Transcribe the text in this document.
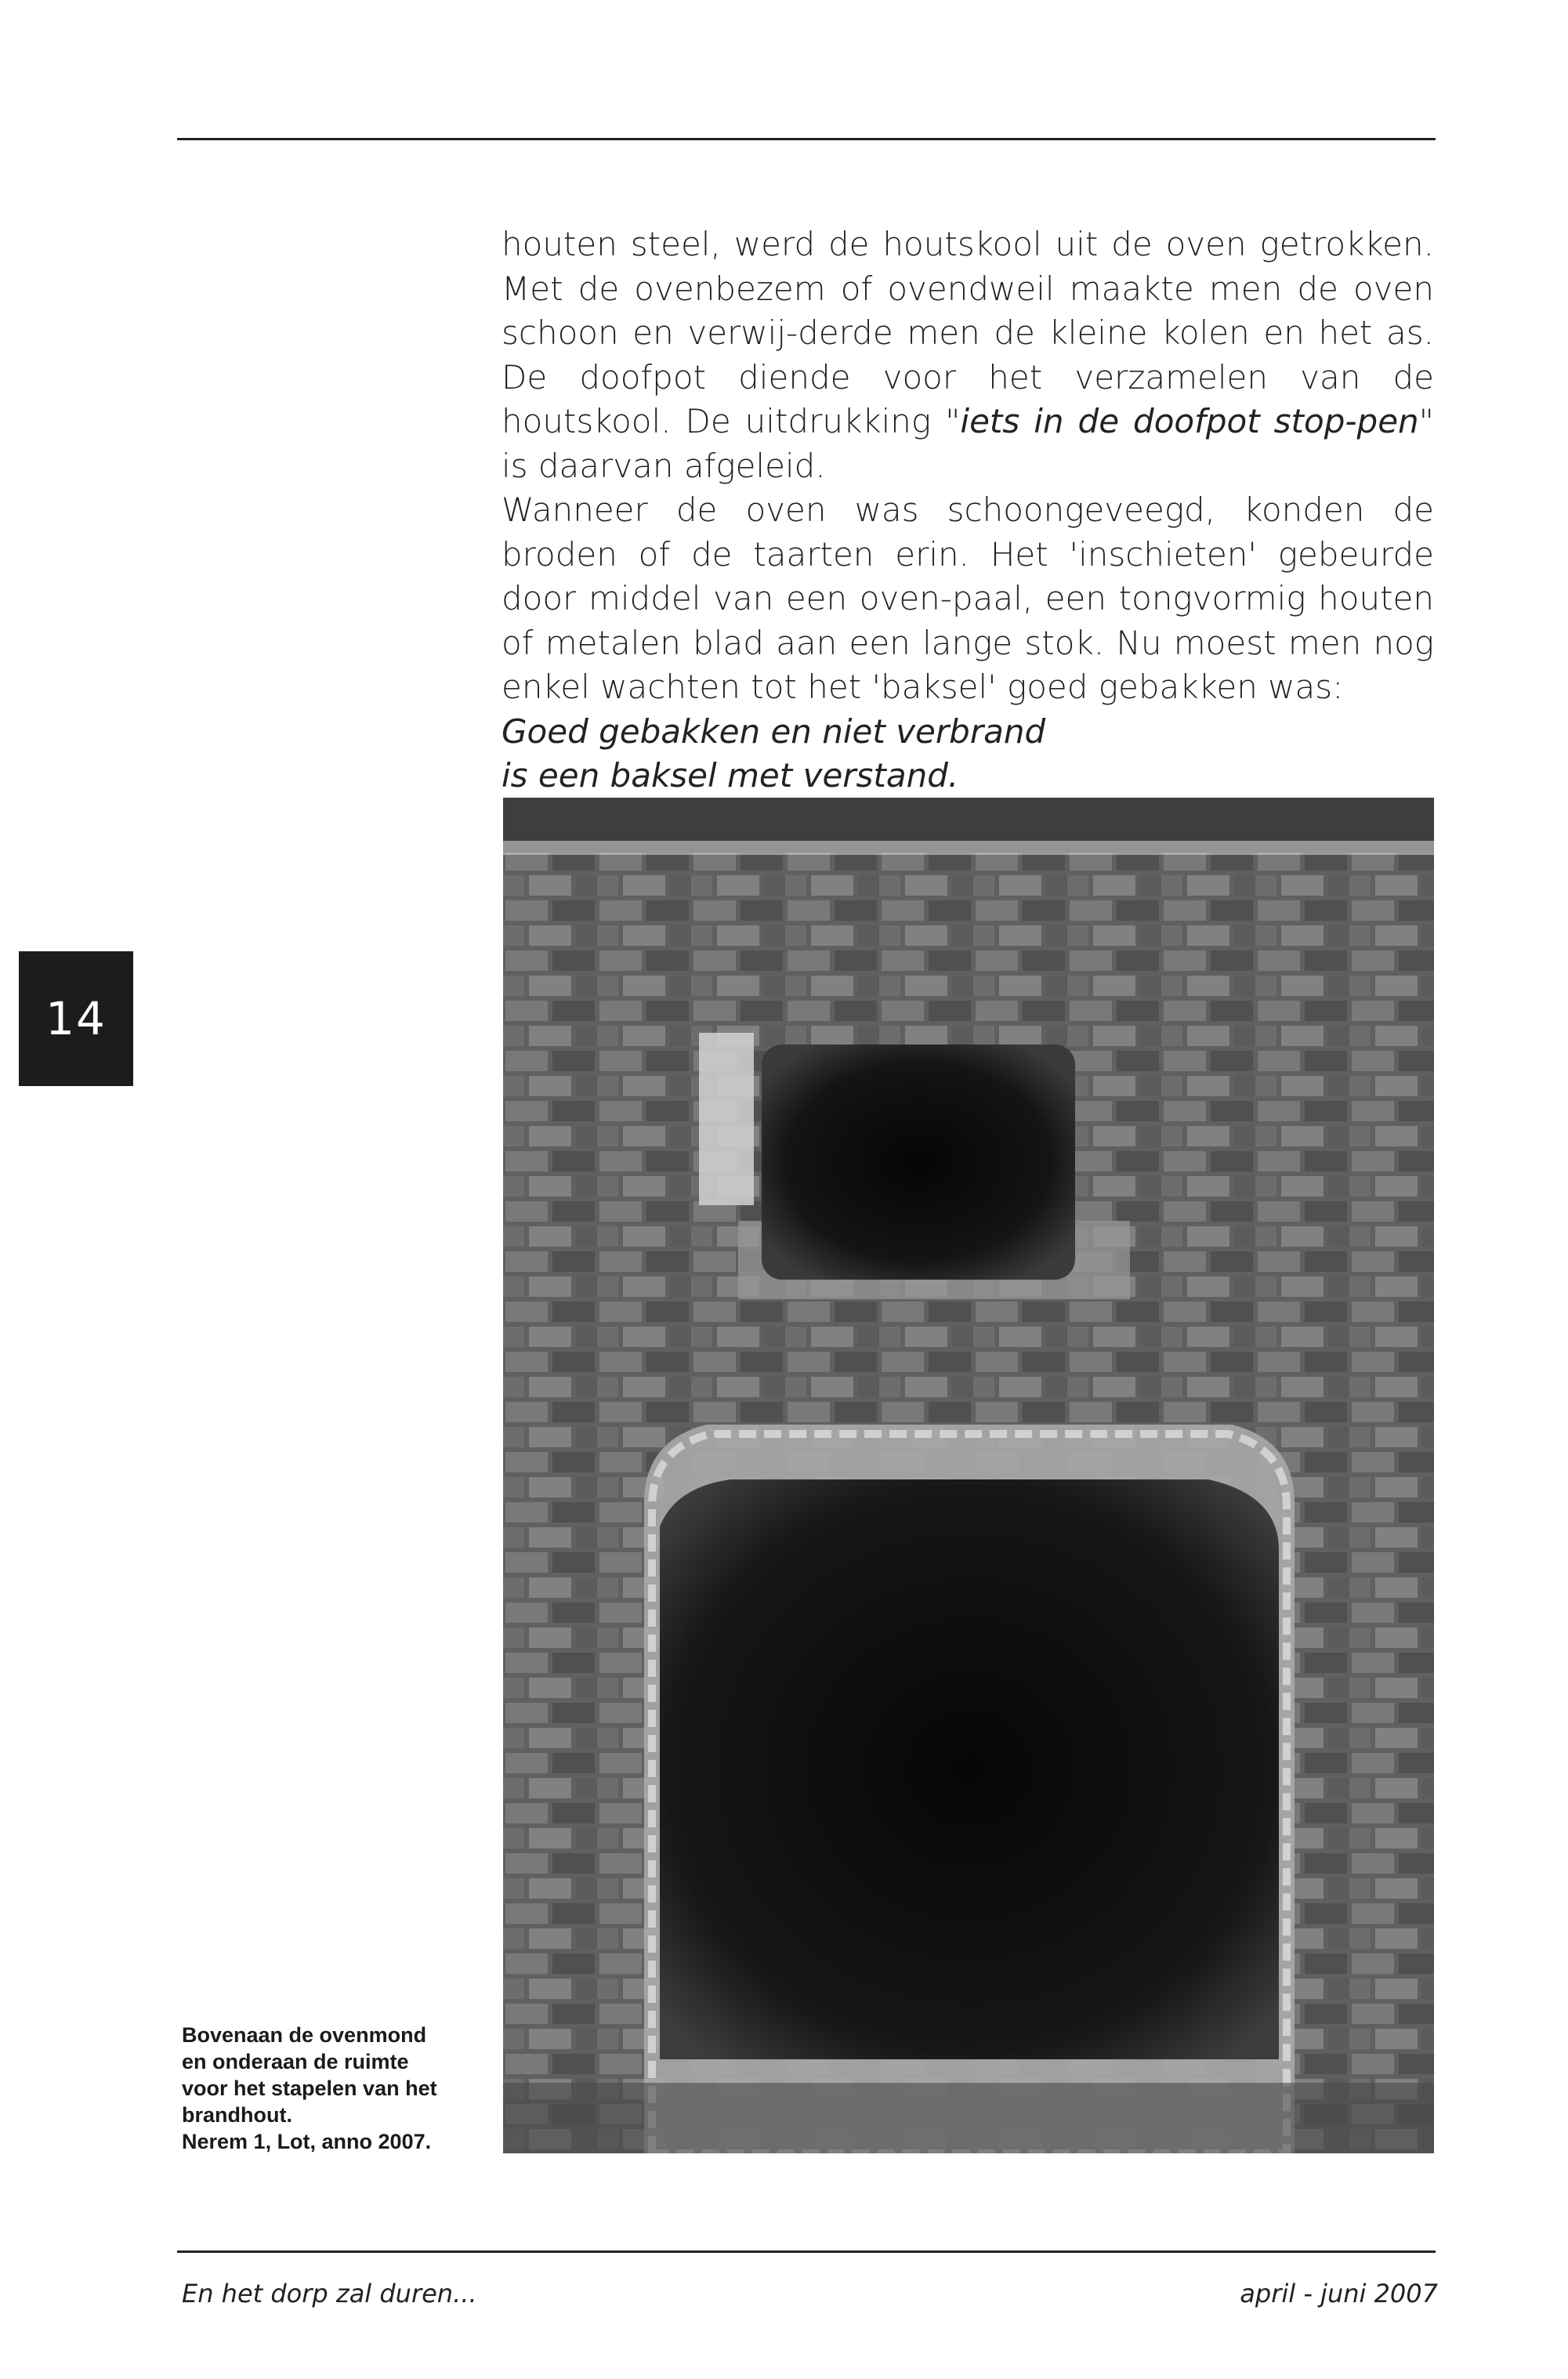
14

houten steel, werd de houtskool uit de oven getrokken. Met de ovenbezem of ovendweil maakte men de oven schoon en verwij-derde men de kleine kolen en het as. De doofpot diende voor het verzamelen van de houtskool. De uitdrukking "iets in de doofpot stop-pen" is daarvan afgeleid.

Wanneer de oven was schoongeveegd, konden de broden of de taarten erin. Het 'inschieten' gebeurde door middel van een oven-paal, een tongvormig houten of metalen blad aan een lange stok. Nu moest men nog enkel wachten tot het 'baksel' goed gebakken was:

Goed gebakken en niet verbrand
is een baksel met verstand.
Bovenaan de ovenmond
en onderaan de ruimte
voor het stapelen van het
brandhout.
Nerem 1, Lot, anno 2007.
En het dorp zal duren...	april - juni 2007
